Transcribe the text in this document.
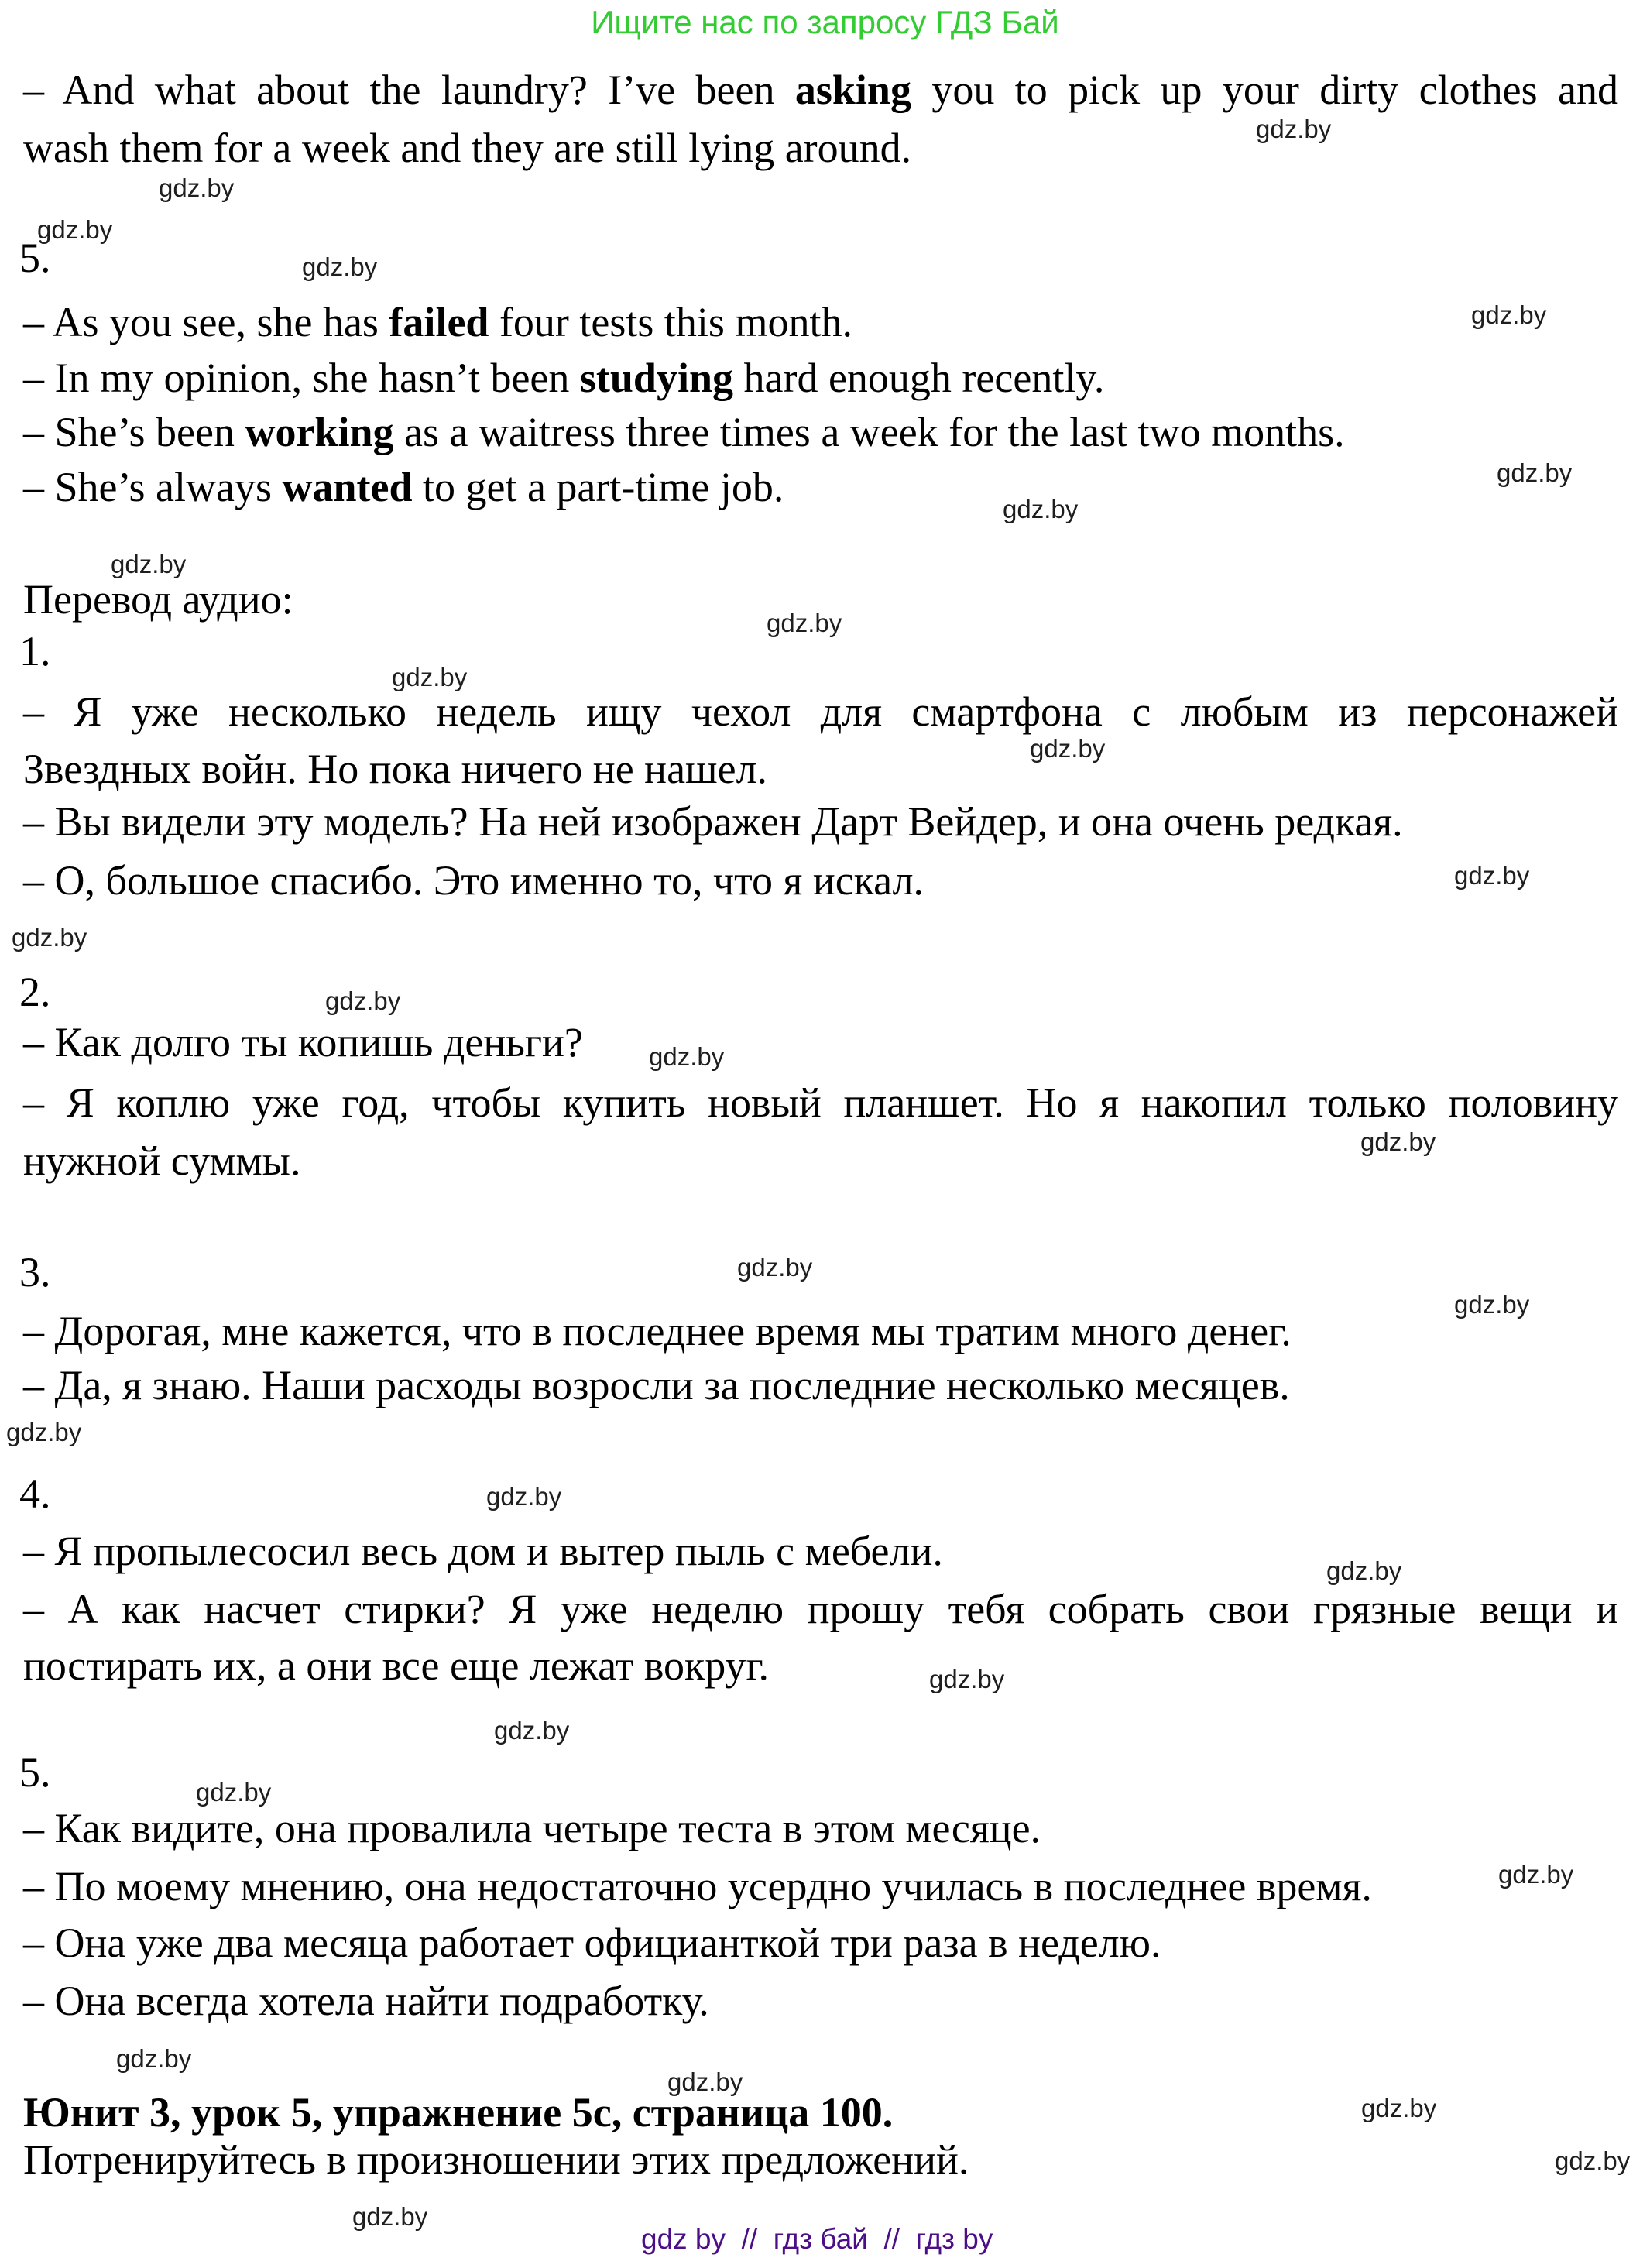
Ищите нас по запросу ГДЗ Бай
– And what about the laundry? I’ve been asking you to pick up your dirty clothes and
wash them for a week and they are still lying around.
5.
– As you see, she has failed four tests this month.
– In my opinion, she hasn’t been studying hard enough recently.
– She’s been working as a waitress three times a week for the last two months.
– She’s always wanted to get a part-time job.
Перевод аудио:
1.
– Я уже несколько недель ищу чехол для смартфона с любым из персонажей
Звездных войн. Но пока ничего не нашел.
– Вы видели эту модель? На ней изображен Дарт Вейдер, и она очень редкая.
– О, большое спасибо. Это именно то, что я искал.
2.
– Как долго ты копишь деньги?
– Я коплю уже год, чтобы купить новый планшет. Но я накопил только половину
нужной суммы.
3.
– Дорогая, мне кажется, что в последнее время мы тратим много денег.
– Да, я знаю. Наши расходы возросли за последние несколько месяцев.
4.
– Я пропылесосил весь дом и вытер пыль с мебели.
– А как насчет стирки? Я уже неделю прошу тебя собрать свои грязные вещи и
постирать их, а они все еще лежат вокруг.
5.
– Как видите, она провалила четыре теста в этом месяце.
– По моему мнению, она недостаточно усердно училась в последнее время.
– Она уже два месяца работает официанткой три раза в неделю.
– Она всегда хотела найти подработку.
Юнит 3, урок 5, упражнение 5c, страница 100.
Потренируйтесь в произношении этих предложений.
gdz by  //  гдз бай  //  гдз by
gdz.by
gdz.by
gdz.by
gdz.by
gdz.by
gdz.by
gdz.by
gdz.by
gdz.by
gdz.by
gdz.by
gdz.by
gdz.by
gdz.by
gdz.by
gdz.by
gdz.by
gdz.by
gdz.by
gdz.by
gdz.by
gdz.by
gdz.by
gdz.by
gdz.by
gdz.by
gdz.by
gdz.by
gdz.by
gdz.by
